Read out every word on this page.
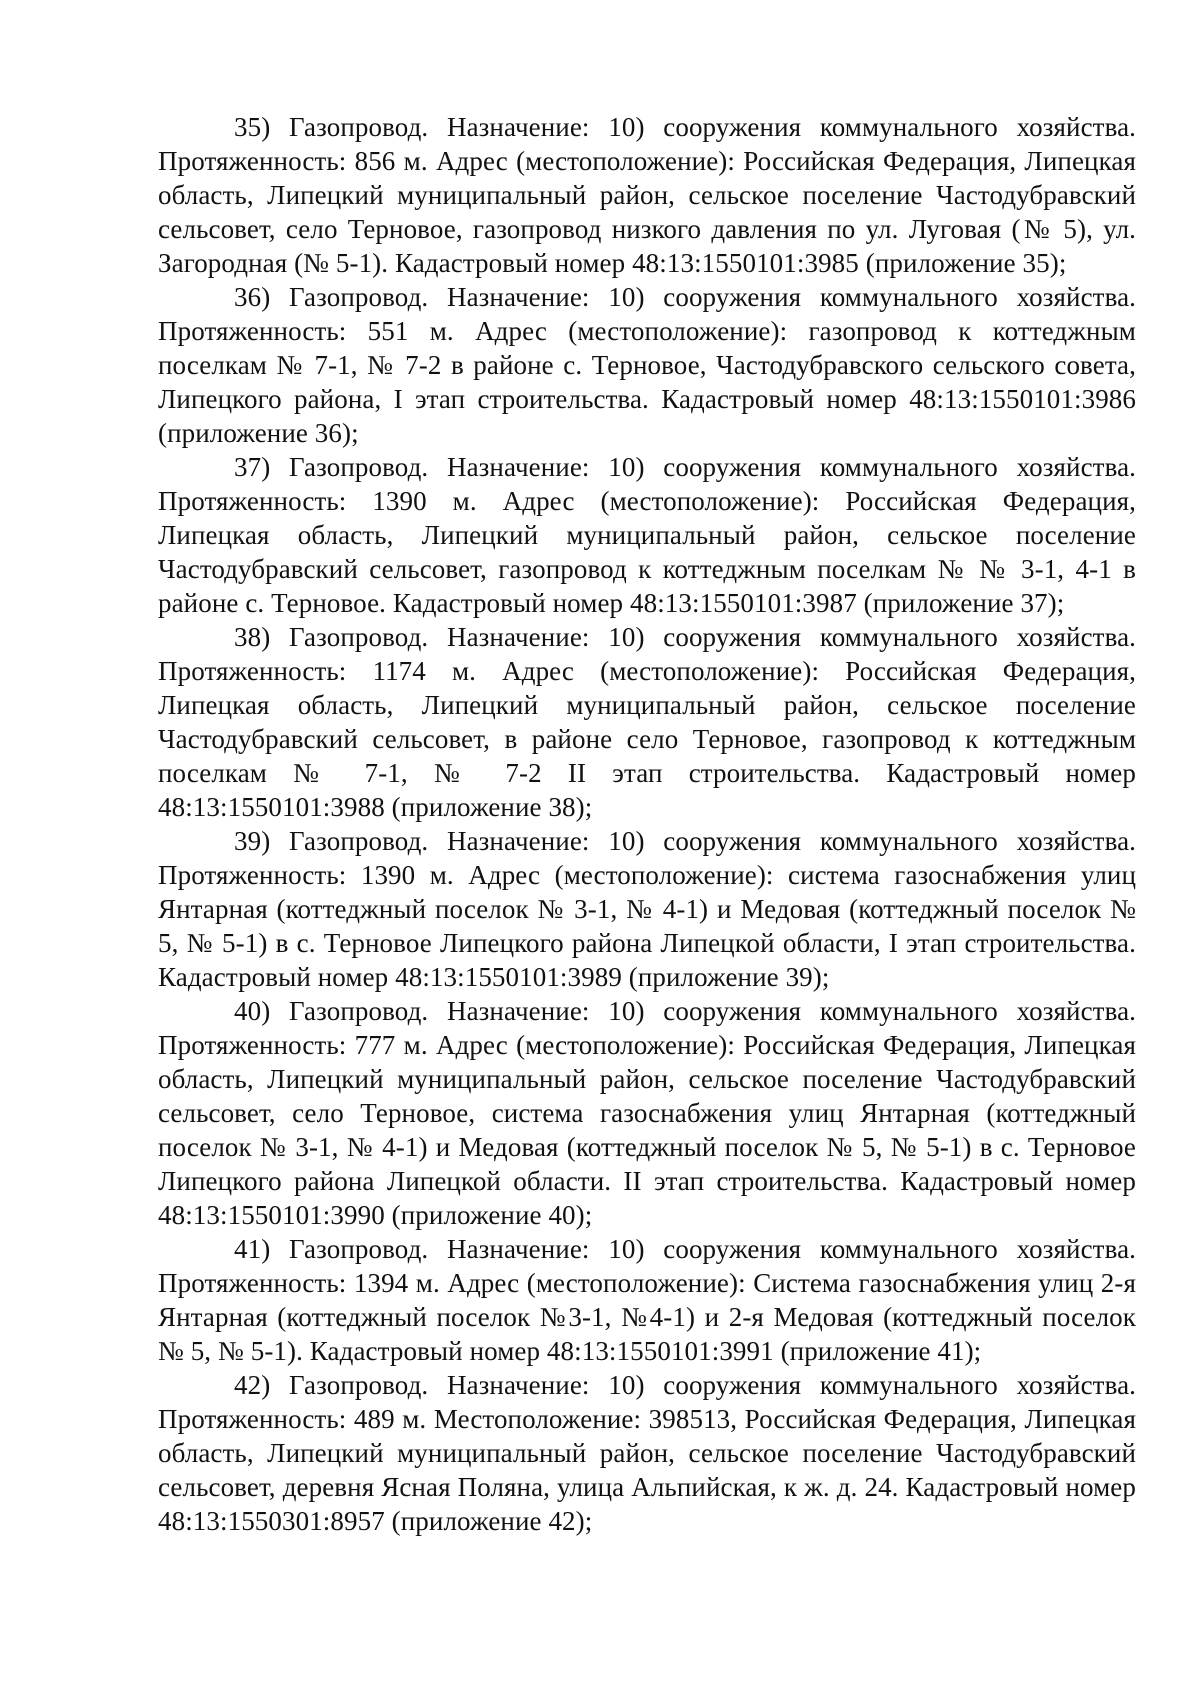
35) Газопровод. Назначение: 10) сооружения коммунального хозяйства. Протяженность: 856 м. Адрес (местоположение): Российская Федерация, Липецкая область, Липецкий муниципальный район, сельское поселение Частодубравский сельсовет, село Терновое, газопровод низкого давления по ул. Луговая (№ 5), ул. Загородная (№ 5-1). Кадастровый номер 48:13:1550101:3985 (приложение 35);

36) Газопровод. Назначение: 10) сооружения коммунального хозяйства. Протяженность: 551 м. Адрес (местоположение): газопровод к коттеджным поселкам № 7-1, № 7-2 в районе с. Терновое, Частодубравского сельского совета, Липецкого района, I этап строительства. Кадастровый номер 48:13:1550101:3986 (приложение 36);

37) Газопровод. Назначение: 10) сооружения коммунального хозяйства. Протяженность: 1390 м. Адрес (местоположение): Российская Федерация, Липецкая область, Липецкий муниципальный район, сельское поселение Частодубравский сельсовет, газопровод к коттеджным поселкам № № 3-1, 4-1 в районе с. Терновое. Кадастровый номер 48:13:1550101:3987 (приложение 37);

38) Газопровод. Назначение: 10) сооружения коммунального хозяйства. Протяженность: 1174 м. Адрес (местоположение): Российская Федерация, Липецкая область, Липецкий муниципальный район, сельское поселение Частодубравский сельсовет, в районе село Терновое, газопровод к коттеджным поселкам № 7-1, № 7-2 II этап строительства. Кадастровый номер 48:13:1550101:3988 (приложение 38);

39) Газопровод. Назначение: 10) сооружения коммунального хозяйства. Протяженность: 1390 м. Адрес (местоположение): система газоснабжения улиц Янтарная (коттеджный поселок № 3-1, № 4-1) и Медовая (коттеджный поселок № 5, № 5-1) в с. Терновое Липецкого района Липецкой области, I этап строительства. Кадастровый номер 48:13:1550101:3989 (приложение 39);

40) Газопровод. Назначение: 10) сооружения коммунального хозяйства. Протяженность: 777 м. Адрес (местоположение): Российская Федерация, Липецкая область, Липецкий муниципальный район, сельское поселение Частодубравский сельсовет, село Терновое, система газоснабжения улиц Янтарная (коттеджный поселок № 3-1, № 4-1) и Медовая (коттеджный поселок № 5, № 5-1) в с. Терновое Липецкого района Липецкой области. II этап строительства. Кадастровый номер 48:13:1550101:3990 (приложение 40);

41) Газопровод. Назначение: 10) сооружения коммунального хозяйства. Протяженность: 1394 м. Адрес (местоположение): Система газоснабжения улиц 2-я Янтарная (коттеджный поселок №3-1, №4-1) и 2-я Медовая (коттеджный поселок № 5, № 5-1). Кадастровый номер 48:13:1550101:3991 (приложение 41);

42) Газопровод. Назначение: 10) сооружения коммунального хозяйства. Протяженность: 489 м. Местоположение: 398513, Российская Федерация, Липецкая область, Липецкий муниципальный район, сельское поселение Частодубравский сельсовет, деревня Ясная Поляна, улица Альпийская, к ж. д. 24. Кадастровый номер 48:13:1550301:8957 (приложение 42);
